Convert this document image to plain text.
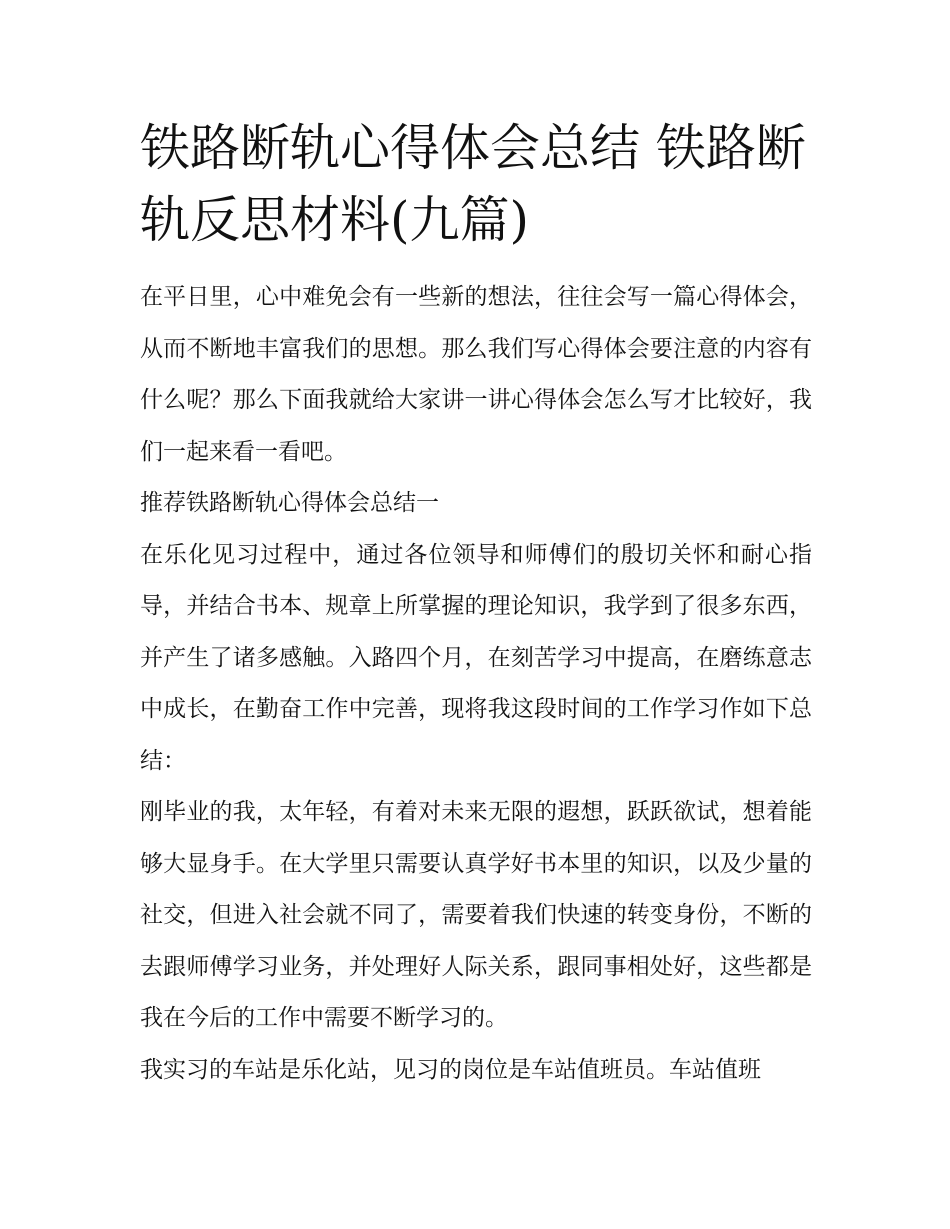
铁路断轨心得体会总结 铁路断轨反思材料(九篇)

在平日里，心中难免会有一些新的想法，往往会写一篇心得体会，从而不断地丰富我们的思想。那么我们写心得体会要注意的内容有什么呢？那么下面我就给大家讲一讲心得体会怎么写才比较好，我们一起来看一看吧。

推荐铁路断轨心得体会总结一

在乐化见习过程中，通过各位领导和师傅们的殷切关怀和耐心指导，并结合书本、规章上所掌握的理论知识，我学到了很多东西，并产生了诸多感触。入路四个月，在刻苦学习中提高，在磨练意志中成长，在勤奋工作中完善，现将我这段时间的工作学习作如下总结：

刚毕业的我，太年轻，有着对未来无限的遐想，跃跃欲试，想着能够大显身手。在大学里只需要认真学好书本里的知识，以及少量的社交，但进入社会就不同了，需要着我们快速的转变身份，不断的去跟师傅学习业务，并处理好人际关系，跟同事相处好，这些都是我在今后的工作中需要不断学习的。

我实习的车站是乐化站，见习的岗位是车站值班员。车站值班
